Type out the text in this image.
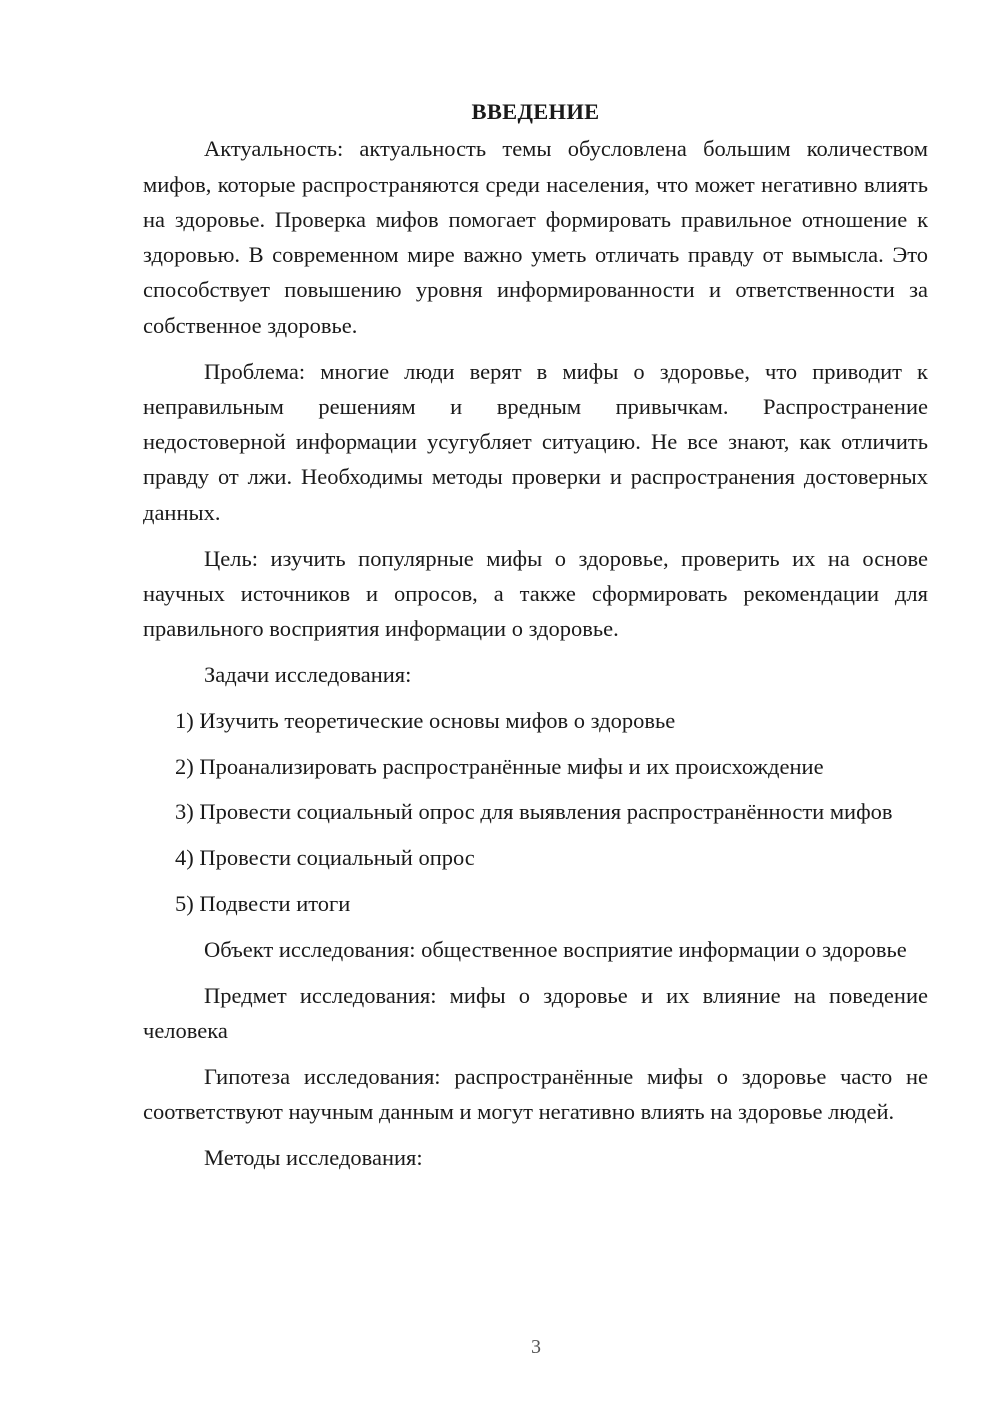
ВВЕДЕНИЕ

Актуальность: актуальность темы обусловлена большим количеством мифов, которые распространяются среди населения, что может негативно влиять на здоровье. Проверка мифов помогает формировать правильное отношение к здоровью. В современном мире важно уметь отличать правду от вымысла. Это способствует повышению уровня информированности и ответственности за собственное здоровье.

Проблема: многие люди верят в мифы о здоровье, что приводит к неправильным решениям и вредным привычкам. Распространение недостоверной информации усугубляет ситуацию. Не все знают, как отличить правду от лжи. Необходимы методы проверки и распространения достоверных данных.

Цель: изучить популярные мифы о здоровье, проверить их на основе научных источников и опросов, а также сформировать рекомендации для правильного восприятия информации о здоровье.

Задачи исследования:

1) Изучить теоретические основы мифов о здоровье

2) Проанализировать распространённые мифы и их происхождение

3) Провести социальный опрос для выявления распространённости мифов

4) Провести социальный опрос

5) Подвести итоги

Объект исследования: общественное восприятие информации о здоровье

Предмет исследования: мифы о здоровье и их влияние на поведение человека

Гипотеза исследования: распространённые мифы о здоровье часто не соответствуют научным данным и могут негативно влиять на здоровье людей.

Методы исследования:

3
